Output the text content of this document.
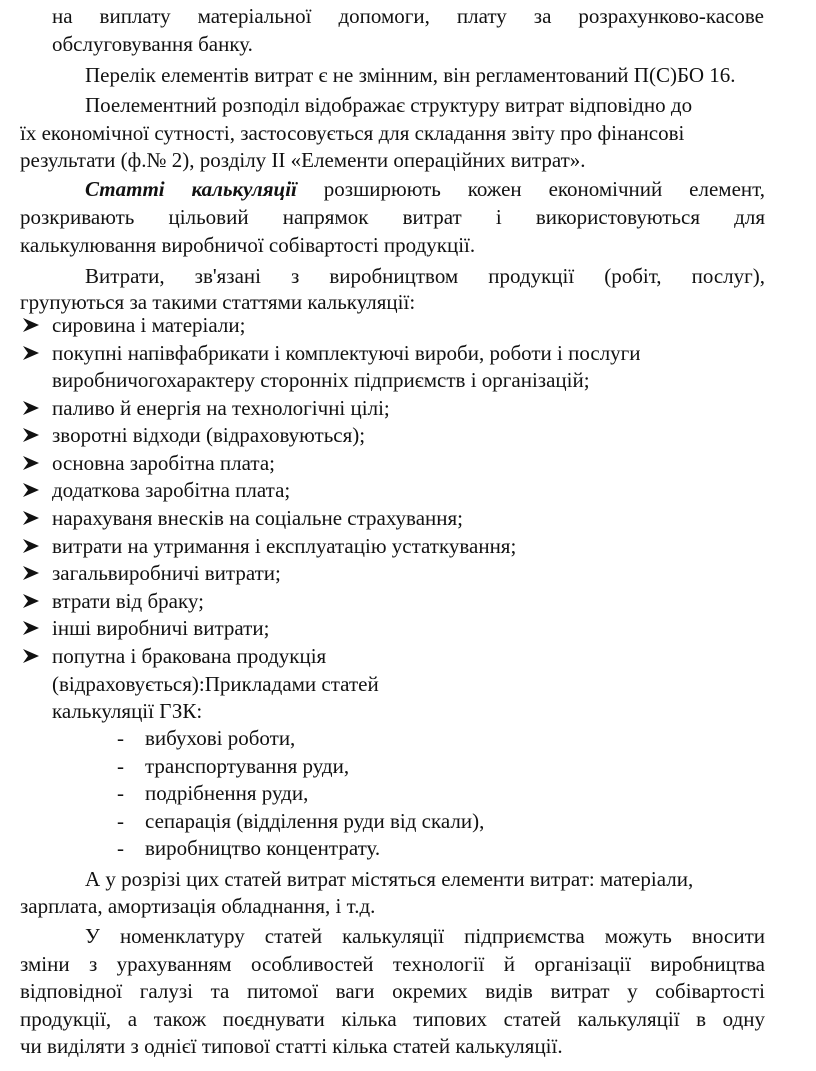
на виплату матеріальної допомоги, плату за розрахунково-касове
обслуговування банку.
Перелік елементів витрат є не змінним, він регламентований П(С)БО 16.
Поелементний розподіл відображає структуру витрат відповідно до
їх економічної сутності, застосовується для складання звіту про фінансові
результати (ф.№ 2), розділу II «Елементи операційних витрат».
Статті калькуляції розширюють кожен економічний елемент,
розкривають цільовий напрямок витрат і використовуються для
калькулювання виробничої собівартості продукції.
Витрати, зв'язані з виробництвом продукції (робіт, послуг),
групуються за такими статтями калькуляції:
сировина і матеріали;
покупні напівфабрикати і комплектуючі вироби, роботи і послуги
виробничогохарактеру сторонніх підприємств і організацій;
паливо й енергія на технологічні цілі;
зворотні відходи (відраховуються);
основна заробітна плата;
додаткова заробітна плата;
нарахуваня внесків на соціальне страхування;
витрати на утримання і експлуатацію устаткування;
загальвиробничі витрати;
втрати від браку;
інші виробничі витрати;
попутна і бракована продукція
(відраховується):Прикладами статей
калькуляції ГЗК:
- вибухові роботи,
- транспортування руди,
- подрібнення руди,
- сепарація (відділення руди від скали),
- виробництво концентрату.
А у розрізі цих статей витрат містяться елементи витрат: матеріали,
зарплата, амортизація обладнання, і т.д.
У номенклатуру статей калькуляції підприємства можуть вносити
зміни з урахуванням особливостей технології й організації виробництва
відповідної галузі та питомої ваги окремих видів витрат у собівартості
продукції, а також поєднувати кілька типових статей калькуляції в одну
чи виділяти з однієї типової статті кілька статей калькуляції.
